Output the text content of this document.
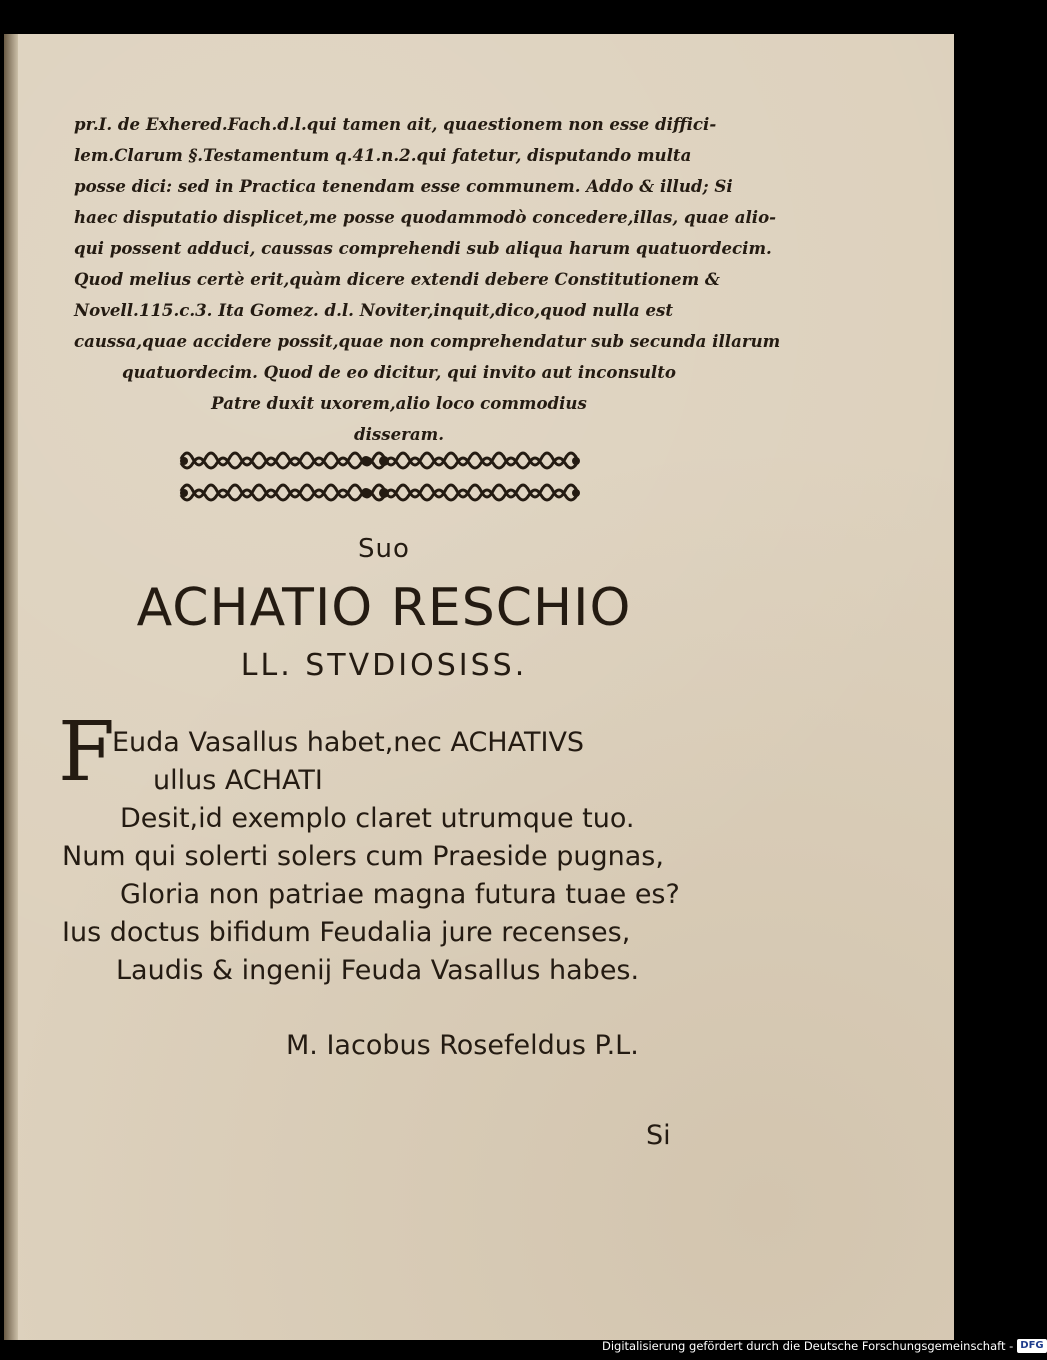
pr.I. de Exhered.Fach.d.l.qui tamen ait, quaestionem non esse diffici-
lem.Clarum §.Testamentum q.41.n.2.qui fatetur, disputando multa
posse dici: sed in Practica tenendam esse communem. Addo & illud; Si
haec disputatio displicet,me posse quodammodò concedere,illas, quae alio-
qui possent adduci, caussas comprehendi sub aliqua harum quatuordecim.
Quod melius certè erit,quàm dicere extendi debere Constitutionem &
Novell.115.c.3. Ita Gomez. d.l. Noviter,inquit,dico,quod nulla est
caussa,quae accidere possit,quae non comprehendatur sub secunda illarum
quatuordecim. Quod de eo dicitur, qui invito aut inconsulto
Patre duxit uxorem,alio loco commodius
disseram.
Suo
ACHATIO RESCHIO
LL. STVDIOSISS.
F
Euda Vasallus habet,nec ACHATIVS
ullus ACHATI
Desit,id exemplo claret utrumque tuo.
Num qui solerti solers cum Praeside pugnas,
Gloria non patriae magna futura tuae es?
Ius doctus bifidum Feudalia jure recenses,
Laudis & ingenij Feuda Vasallus habes.
M. Iacobus Rosefeldus P.L.
Si
Digitalisierung gefördert durch die Deutsche Forschungsgemeinschaft - DFG
